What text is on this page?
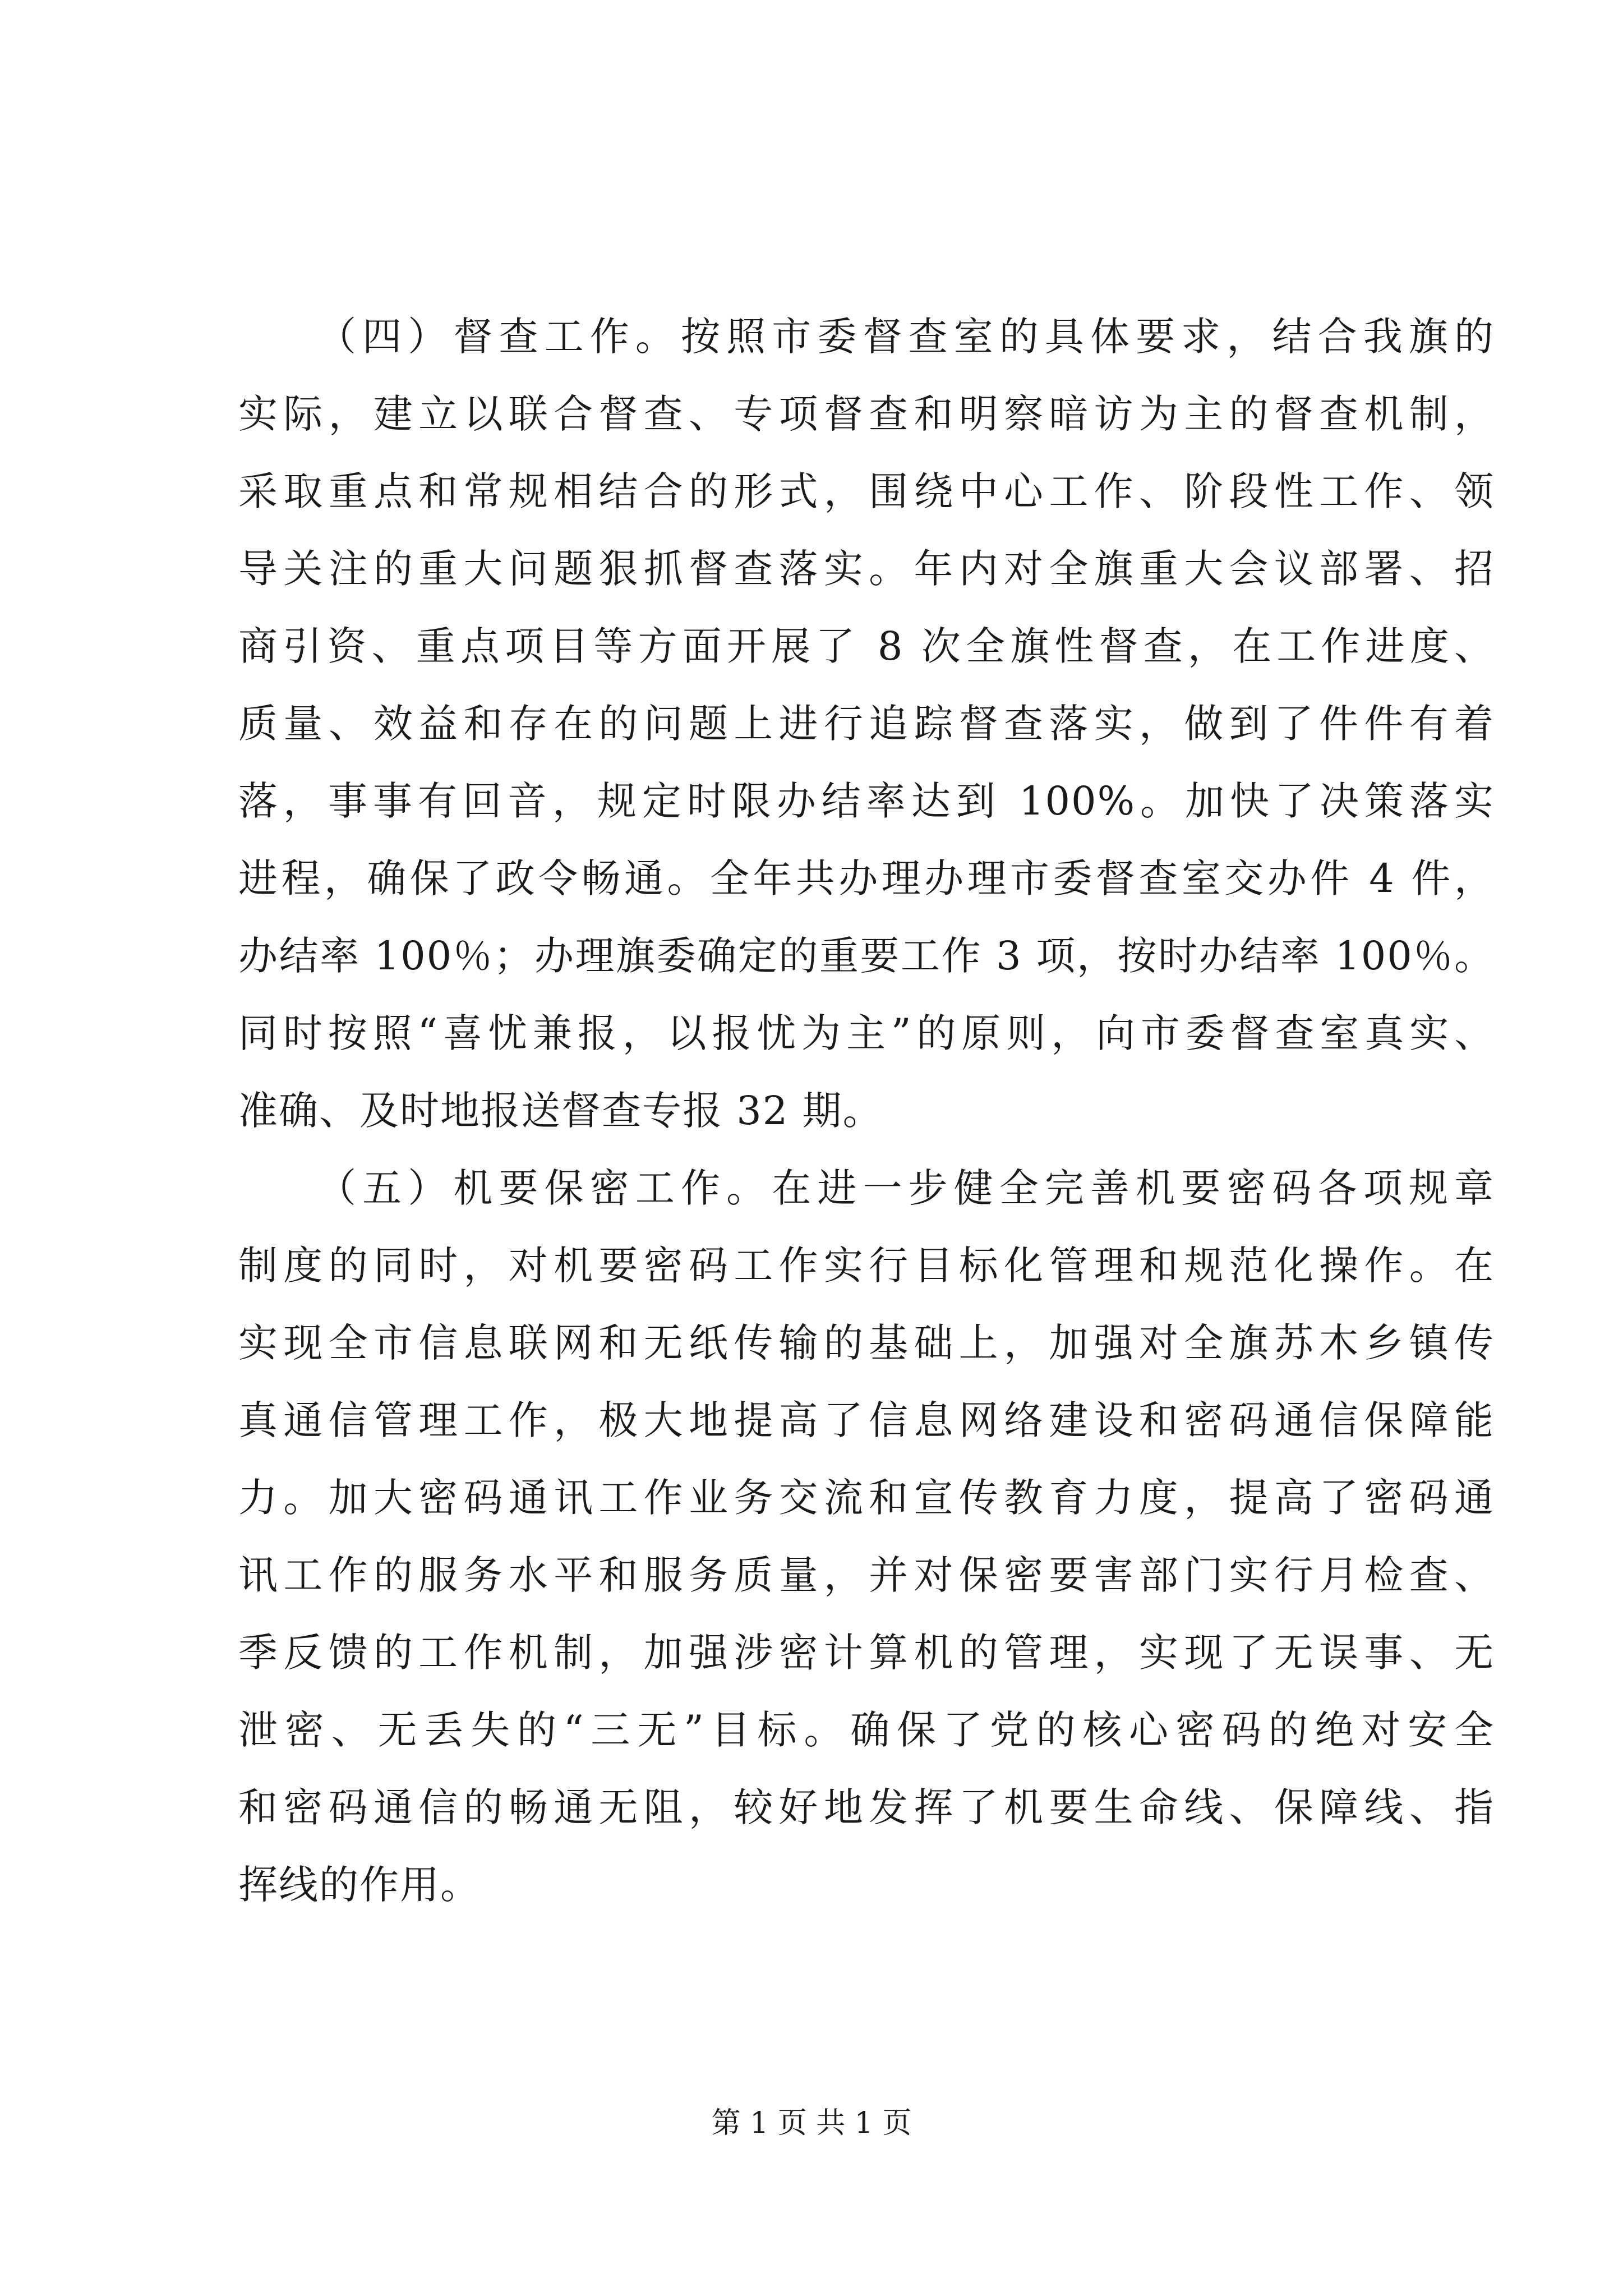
（四）督查工作。按照市委督查室的具体要求，结合我旗的
实际，建立以联合督查、专项督查和明察暗访为主的督查机制，
采取重点和常规相结合的形式，围绕中心工作、阶段性工作、领
导关注的重大问题狠抓督查落实。年内对全旗重大会议部署、招
商引资、重点项目等方面开展了 8 次全旗性督查，在工作进度、
质量、效益和存在的问题上进行追踪督查落实，做到了件件有着
落，事事有回音，规定时限办结率达到 100%。加快了决策落实
进程，确保了政令畅通。全年共办理办理市委督查室交办件 4 件，
办结率 100％；办理旗委确定的重要工作 3 项，按时办结率 100％。
同时按照“喜忧兼报，以报忧为主”的原则，向市委督查室真实、
准确、及时地报送督查专报 32 期。
（五）机要保密工作。在进一步健全完善机要密码各项规章
制度的同时，对机要密码工作实行目标化管理和规范化操作。在
实现全市信息联网和无纸传输的基础上，加强对全旗苏木乡镇传
真通信管理工作，极大地提高了信息网络建设和密码通信保障能
力。加大密码通讯工作业务交流和宣传教育力度，提高了密码通
讯工作的服务水平和服务质量，并对保密要害部门实行月检查、
季反馈的工作机制，加强涉密计算机的管理，实现了无误事、无
泄密、无丢失的“三无”目标。确保了党的核心密码的绝对安全
和密码通信的畅通无阻，较好地发挥了机要生命线、保障线、指
挥线的作用。
第 1 页 共 1 页
